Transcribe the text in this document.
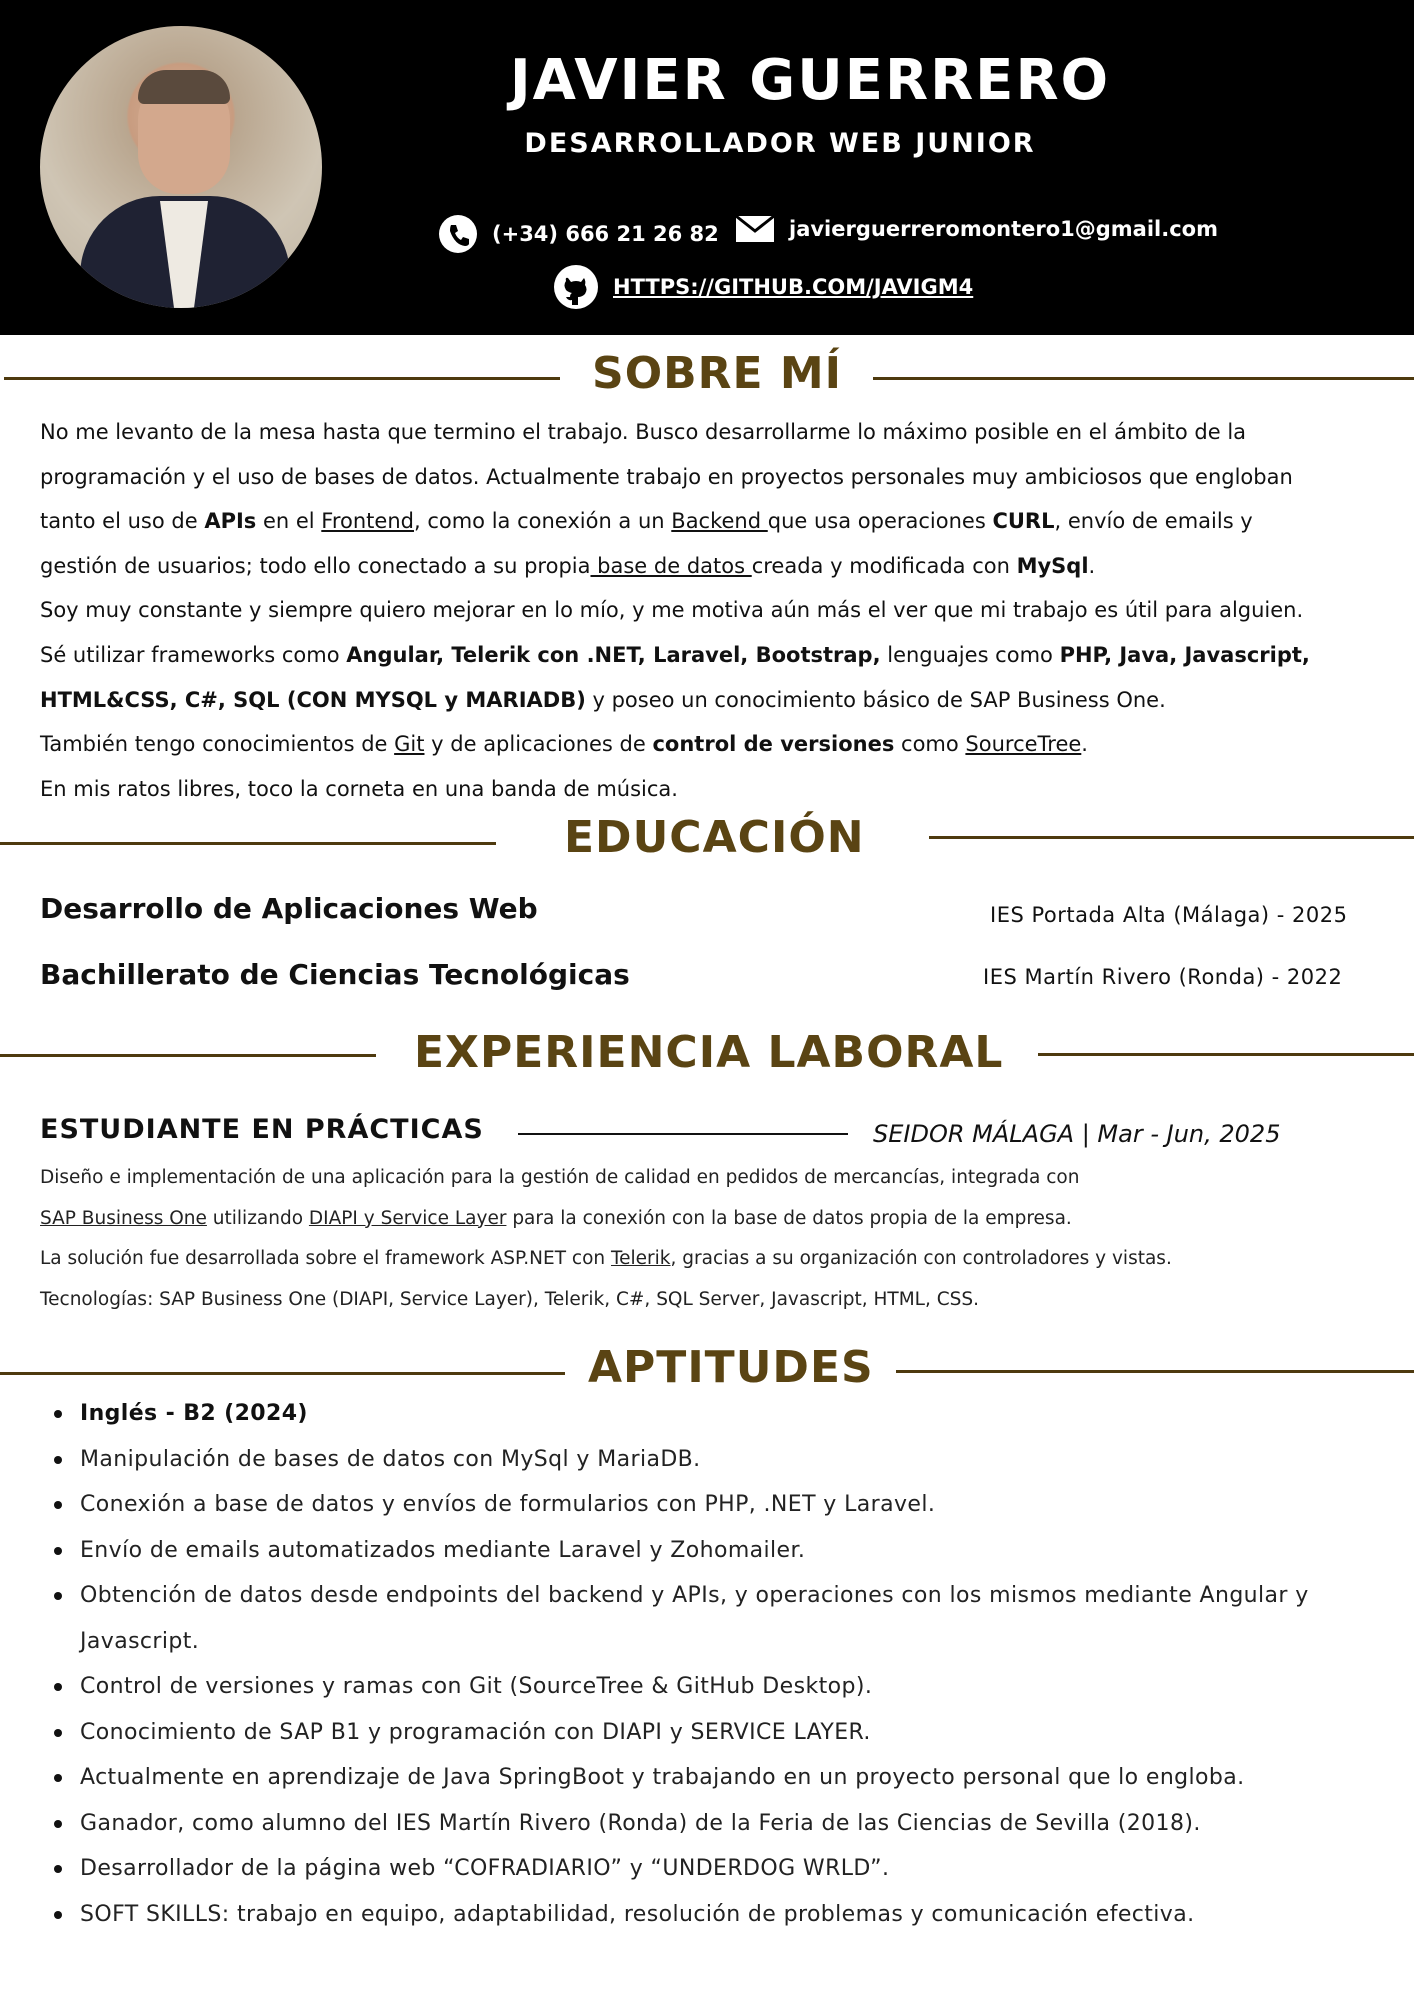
JAVIER GUERRERO
DESARROLLADOR WEB JUNIOR
(+34) 666 21 26 82	javierguerreromontero1@gmail.com
HTTPS://GITHUB.COM/JAVIGM4
SOBRE MÍ
No me levanto de la mesa hasta que termino el trabajo. Busco desarrollarme lo máximo posible en el ámbito de la
programación y el uso de bases de datos. Actualmente trabajo en proyectos personales muy ambiciosos que engloban
tanto el uso de APIs en el Frontend, como la conexión a un Backend que usa operaciones CURL, envío de emails y
gestión de usuarios; todo ello conectado a su propia base de datos creada y modificada con MySql.
Soy muy constante y siempre quiero mejorar en lo mío, y me motiva aún más el ver que mi trabajo es útil para alguien.
Sé utilizar frameworks como Angular, Telerik con .NET, Laravel, Bootstrap, lenguajes como PHP, Java, Javascript,
HTML&CSS, C#, SQL (CON MYSQL y MARIADB) y poseo un conocimiento básico de SAP Business One.
También tengo conocimientos de Git y de aplicaciones de control de versiones como SourceTree.
En mis ratos libres, toco la corneta en una banda de música.
EDUCACIÓN
Desarrollo de Aplicaciones Web	IES Portada Alta (Málaga) - 2025
Bachillerato de Ciencias Tecnológicas	IES Martín Rivero (Ronda) - 2022
EXPERIENCIA LABORAL
ESTUDIANTE EN PRÁCTICAS	SEIDOR MÁLAGA | Mar - Jun, 2025
Diseño e implementación de una aplicación para la gestión de calidad en pedidos de mercancías, integrada con
SAP Business One utilizando DIAPI y Service Layer para la conexión con la base de datos propia de la empresa.
La solución fue desarrollada sobre el framework ASP.NET con Telerik, gracias a su organización con controladores y vistas.
Tecnologías: SAP Business One (DIAPI, Service Layer), Telerik, C#, SQL Server, Javascript, HTML, CSS.
APTITUDES
Inglés - B2 (2024)
Manipulación de bases de datos con MySql y MariaDB.
Conexión a base de datos y envíos de formularios con PHP, .NET y Laravel.
Envío de emails automatizados mediante Laravel y Zohomailer.
Obtención de datos desde endpoints del backend y APIs, y operaciones con los mismos mediante Angular y Javascript.
Control de versiones y ramas con Git (SourceTree & GitHub Desktop).
Conocimiento de SAP B1 y programación con DIAPI y SERVICE LAYER.
Actualmente en aprendizaje de Java SpringBoot y trabajando en un proyecto personal que lo engloba.
Ganador, como alumno del IES Martín Rivero (Ronda) de la Feria de las Ciencias de Sevilla (2018).
Desarrollador de la página web “COFRADIARIO” y “UNDERDOG WRLD”.
SOFT SKILLS: trabajo en equipo, adaptabilidad, resolución de problemas y comunicación efectiva.
